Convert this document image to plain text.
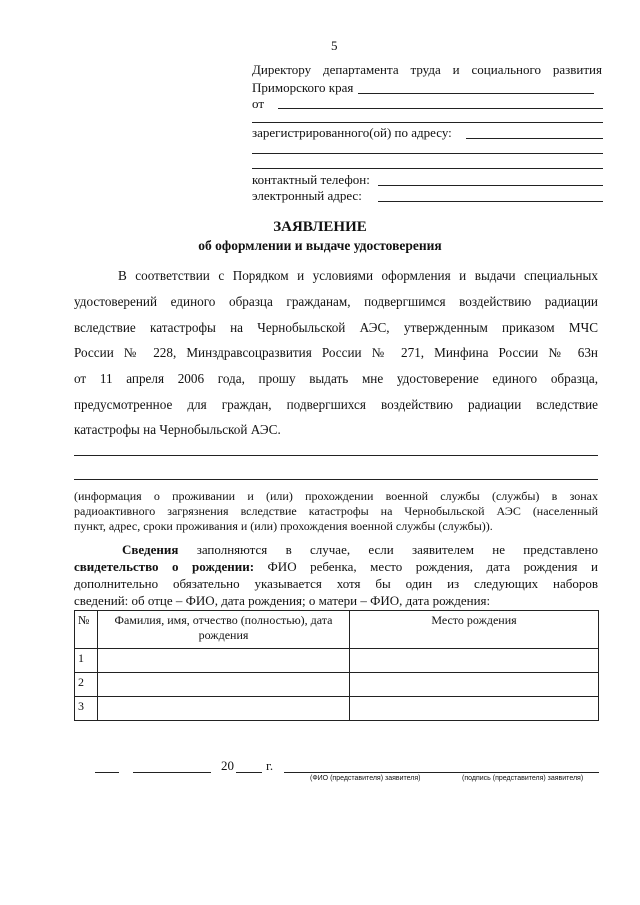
5
Директору департамента труда и социального развития
Приморского края
от
зарегистрированного(ой) по адресу:
контактный телефон:
электронный адрес:
ЗАЯВЛЕНИЕ
об оформлении и выдаче удостоверения
В соответствии с Порядком и условиями оформления и выдачи специальных
удостоверений единого образца гражданам, подвергшимся воздействию радиации
вследствие катастрофы на Чернобыльской АЭС, утвержденным приказом МЧС
России № 228, Минздравсоцразвития России № 271, Минфина России № 63н
от 11 апреля 2006 года, прошу выдать мне удостоверение единого образца,
предусмотренное для граждан, подвергшихся воздействию радиации вследствие
катастрофы на Чернобыльской АЭС.
(информация о проживании и (или) прохождении военной службы (службы) в зонах
радиоактивного загрязнения вследствие катастрофы на Чернобыльской АЭС (населенный
пункт, адрес, сроки проживания и (или) прохождения военной службы (службы)).
Сведения заполняются в случае, если заявителем не представлено
свидетельство о рождении: ФИО ребенка, место рождения, дата рождения и
дополнительно обязательно указывается хотя бы один из следующих наборов
сведений: об отце – ФИО, дата рождения; о матери – ФИО, дата рождения:
№	Фамилия, имя, отчество (полностью), дата рождения	Место рождения
1		
2		
3		
20 г.
(ФИО (представителя) заявителя)	(подпись (представителя) заявителя)
